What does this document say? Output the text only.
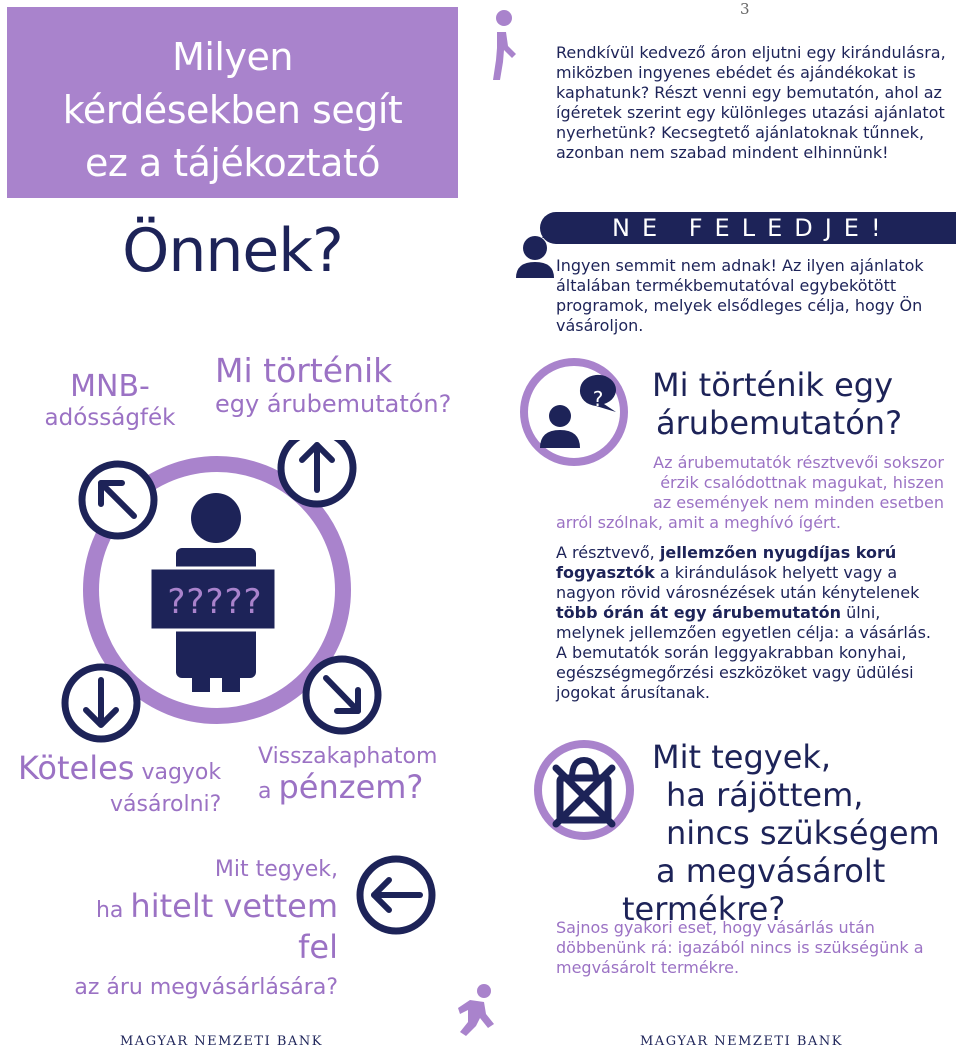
Milyen
kérdésekben segít
ez a tájékoztató
Önnek?
MNB-
adósságfék
Mi történik
egy árubemutatón?
?????
Köteles vagyok
vásárolni?
Visszakaphatom
a pénzem?
Mit tegyek,
ha hitelt vettem fel
az áru megvásárlására?
MAGYAR NEMZETI BANK
3
Rendkívül kedvező áron eljutni egy kirándulásra, miközben ingyenes ebédet és ajándékokat is kaphatunk? Részt venni egy bemutatón, ahol az ígéretek szerint egy különleges utazási ajánlatot nyerhetünk? Kecsegtető ajánlatoknak tűnnek, azonban nem szabad mindent elhinnünk!
NE FELEDJE!
Ingyen semmit nem adnak! Az ilyen ajánlatok általában termékbemutatóval egybekötött programok, melyek elsődleges célja, hogy Ön vásároljon.
? Mi történik egy
árubemutatón?
Az árubemutatók résztvevői sokszor
érzik csalódottnak magukat, hiszen
az események nem minden esetben
arról szólnak, amit a meghívó ígért.
A résztvevő, jellemzően nyugdíjas korú fogyasztók a kirándulások helyett vagy a nagyon rövid városnézések után kénytelenek több órán át egy árubemutatón ülni, melynek jellemzően egyetlen célja: a vásárlás. A bemutatók során leggyakrabban konyhai, egészségmegőrzési eszközöket vagy üdülési jogokat árusítanak.
Mit tegyek,
ha rájöttem,
nincs szükségem
a megvásárolt
termékre?
Sajnos gyakori eset, hogy vásárlás után döbbenünk rá: igazából nincs is szükségünk a megvásárolt termékre.
MAGYAR NEMZETI BANK
